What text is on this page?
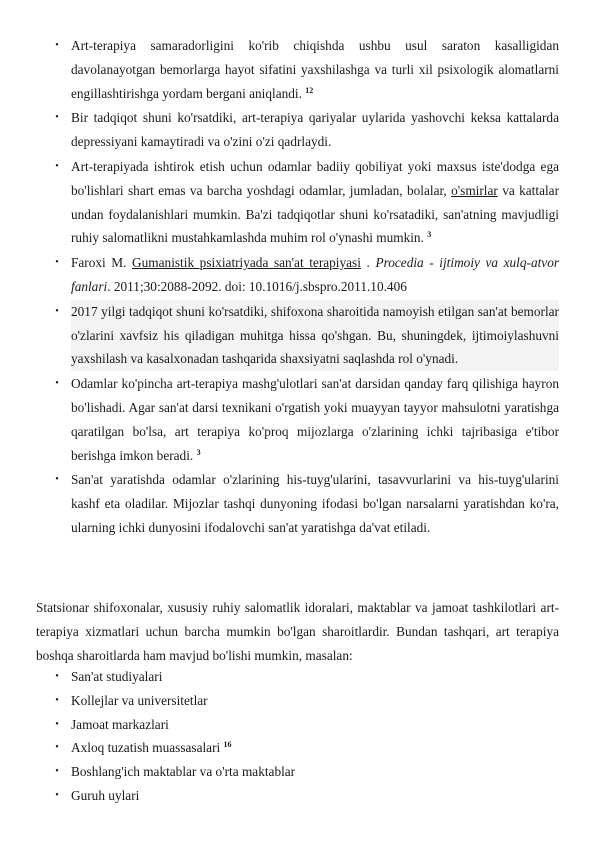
• Art-terapiya samaradorligini ko'rib chiqishda ushbu usul saraton kasalligidan davolanayotgan bemorlarga hayot sifatini yaxshilashga va turli xil psixologik alomatlarni engillashtirishga yordam bergani aniqlandi. $^{12}$
• Bir tadqiqot shuni ko'rsatdiki, art-terapiya qariyalar uylarida yashovchi keksa kattalarda depressiyani kamaytiradi va o'zini o'zi qadrlaydi.
• Art-terapiyada ishtirok etish uchun odamlar badiiy qobiliyat yoki maxsus iste'dodga ega bo'lishlari shart emas va barcha yoshdagi odamlar, jumladan, bolalar, o'smirlar va kattalar undan foydalanishlari mumkin. Ba'zi tadqiqotlar shuni ko'rsatadiki, san'atning mavjudligi ruhiy salomatlikni mustahkamlashda muhim rol o'ynashi mumkin. $^3$
• Faroxi M. Gumanistik psixiatriyada san'at terapiyasi . Procedia - ijtimoiy va xulq-atvor fanlari. 2011;30:2088-2092. doi: 10.1016/j.sbspro.2011.10.406
• 2017 yilgi tadqiqot shuni ko'rsatdiki, shifoxona sharoitida namoyish etilgan san'at bemorlar o'zlarini xavfsiz his qiladigan muhitga hissa qo'shgan. Bu, shuningdek, ijtimoiylashuvni yaxshilash va kasalxonadan tashqarida shaxsiyatni saqlashda rol o'ynadi.
• Odamlar ko'pincha art-terapiya mashg'ulotlari san'at darsidan qanday farq qilishiga hayron bo'lishadi. Agar san'at darsi texnikani o'rgatish yoki muayyan tayyor mahsulotni yaratishga qaratilgan bo'lsa, art terapiya ko'proq mijozlarga o'zlarining ichki tajribasiga e'tibor berishga imkon beradi. $^3$
• San'at yaratishda odamlar o'zlarining his-tuyg'ularini, tasavvurlarini va his-tuyg'ularini kashf eta oladilar. Mijozlar tashqi dunyoning ifodasi bo'lgan narsalarni yaratishdan ko'ra, ularning ichki dunyosini ifodalovchi san'at yaratishga da'vat etiladi.

Statsionar shifoxonalar, xususiy ruhiy salomatlik idoralari, maktablar va jamoat tashkilotlari art-terapiya xizmatlari uchun barcha mumkin bo'lgan sharoitlardir. Bundan tashqari, art terapiya boshqa sharoitlarda ham mavjud bo'lishi mumkin, masalan:

• San'at studiyalari
• Kollejlar va universitetlar
• Jamoat markazlari
• Axloq tuzatish muassasalari $^{16}$
• Boshlang'ich maktablar va o'rta maktablar
• Guruh uylari
